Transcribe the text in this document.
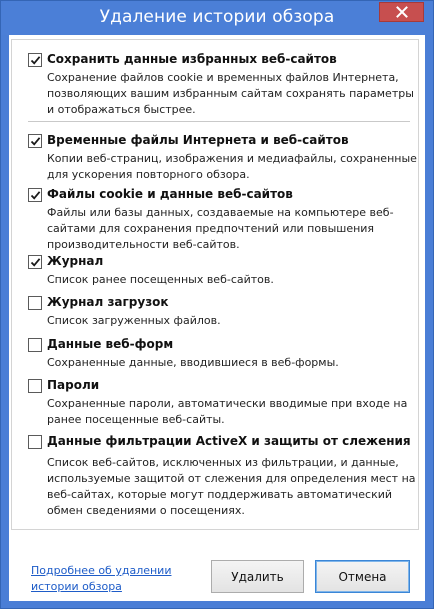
Удаление истории обзора
Сохранить данные избранных веб-сайтов
Сохранение файлов cookie и временных файлов Интернета, позволяющих вашим избранным сайтам сохранять параметры и отображаться быстрее.
Временные файлы Интернета и веб-сайтов
Копии веб-страниц, изображения и медиафайлы, сохраненные для ускорения повторного обзора.
Файлы cookie и данные веб-сайтов
Файлы или базы данных, создаваемые на компьютере веб-сайтами для сохранения предпочтений или повышения производительности веб-сайтов.
Журнал
Список ранее посещенных веб-сайтов.
Журнал загрузок
Список загруженных файлов.
Данные веб-форм
Сохраненные данные, вводившиеся в веб-формы.
Пароли
Сохраненные пароли, автоматически вводимые при входе на ранее посещенные веб-сайты.
Данные фильтрации ActiveX и защиты от слежения
Список веб-сайтов, исключенных из фильтрации, и данные, используемые защитой от слежения для определения мест на веб-сайтах, которые могут поддерживать автоматический обмен сведениями о посещениях.
Подробнее об удалении истории обзора
Удалить	Отмена
